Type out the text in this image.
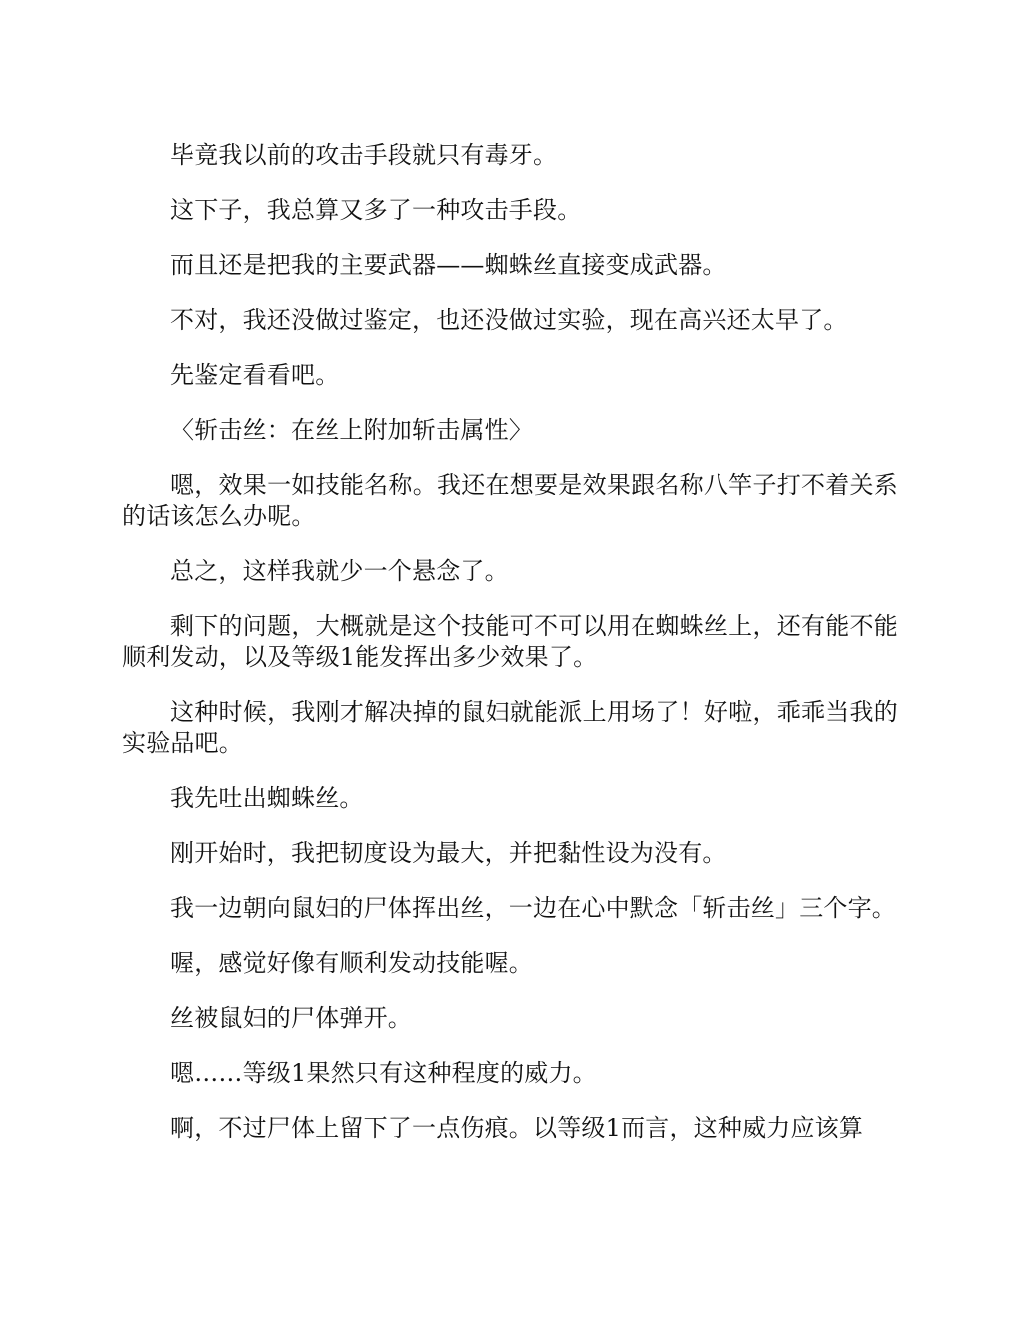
毕竟我以前的攻击手段就只有毒牙。

这下子，我总算又多了一种攻击手段。

而且还是把我的主要武器——蜘蛛丝直接变成武器。

不对，我还没做过鉴定，也还没做过实验，现在高兴还太早了。

先鉴定看看吧。

〈斩击丝：在丝上附加斩击属性〉

嗯，效果一如技能名称。我还在想要是效果跟名称八竿子打不着关系的话该怎么办呢。

总之，这样我就少一个悬念了。

剩下的问题，大概就是这个技能可不可以用在蜘蛛丝上，还有能不能顺利发动，以及等级1能发挥出多少效果了。

这种时候，我刚才解决掉的鼠妇就能派上用场了！好啦，乖乖当我的实验品吧。

我先吐出蜘蛛丝。

刚开始时，我把韧度设为最大，并把黏性设为没有。

我一边朝向鼠妇的尸体挥出丝，一边在心中默念「斩击丝」三个字。

喔，感觉好像有顺利发动技能喔。

丝被鼠妇的尸体弹开。

嗯……等级1果然只有这种程度的威力。

啊，不过尸体上留下了一点伤痕。以等级1而言，这种威力应该算
